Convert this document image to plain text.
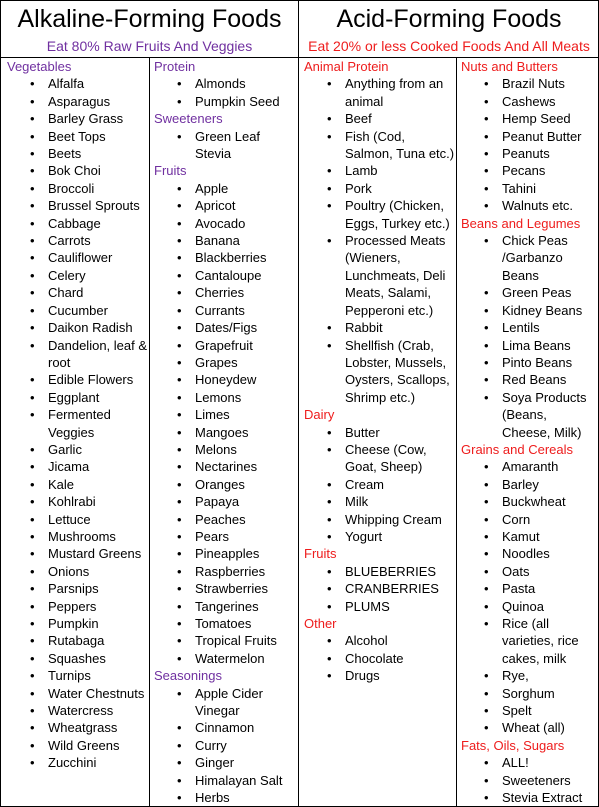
Alkaline-Forming Foods
Eat 80% Raw Fruits And Veggies
Acid-Forming Foods
Eat 20% or less Cooked Foods And All Meats
Vegetables
• Alfalfa
• Asparagus
• Barley Grass
• Beet Tops
• Beets
• Bok Choi
• Broccoli
• Brussel Sprouts
• Cabbage
• Carrots
• Cauliflower
• Celery
• Chard
• Cucumber
• Daikon Radish
• Dandelion, leaf & root
• Edible Flowers
• Eggplant
• Fermented Veggies
• Garlic
• Jicama
• Kale
• Kohlrabi
• Lettuce
• Mushrooms
• Mustard Greens
• Onions
• Parsnips
• Peppers
• Pumpkin
• Rutabaga
• Squashes
• Turnips
• Water Chestnuts
• Watercress
• Wheatgrass
• Wild Greens
• Zucchini
Protein
• Almonds
• Pumpkin Seed
Sweeteners
• Green Leaf Stevia
Fruits
• Apple
• Apricot
• Avocado
• Banana
• Blackberries
• Cantaloupe
• Cherries
• Currants
• Dates/Figs
• Grapefruit
• Grapes
• Honeydew
• Lemons
• Limes
• Mangoes
• Melons
• Nectarines
• Oranges
• Papaya
• Peaches
• Pears
• Pineapples
• Raspberries
• Strawberries
• Tangerines
• Tomatoes
• Tropical Fruits
• Watermelon
Seasonings
• Apple Cider Vinegar
• Cinnamon
• Curry
• Ginger
• Himalayan Salt
• Herbs
Animal Protein
• Anything from an animal
• Beef
• Fish (Cod, Salmon, Tuna etc.)
• Lamb
• Pork
• Poultry (Chicken, Eggs, Turkey etc.)
• Processed Meats (Wieners, Lunchmeats, Deli Meats, Salami, Pepperoni etc.)
• Rabbit
• Shellfish (Crab, Lobster, Mussels, Oysters, Scallops, Shrimp etc.)
Dairy
• Butter
• Cheese (Cow, Goat, Sheep)
• Cream
• Milk
• Whipping Cream
• Yogurt
Fruits
• BLUEBERRIES
• CRANBERRIES
• PLUMS
Other
• Alcohol
• Chocolate
• Drugs
Nuts and Butters
• Brazil Nuts
• Cashews
• Hemp Seed
• Peanut Butter
• Peanuts
• Pecans
• Tahini
• Walnuts etc.
Beans and Legumes
• Chick Peas /Garbanzo Beans
• Green Peas
• Kidney Beans
• Lentils
• Lima Beans
• Pinto Beans
• Red Beans
• Soya Products (Beans, Cheese, Milk)
Grains and Cereals
• Amaranth
• Barley
• Buckwheat
• Corn
• Kamut
• Noodles
• Oats
• Pasta
• Quinoa
• Rice (all varieties, rice cakes, milk
• Rye,
• Sorghum
• Spelt
• Wheat (all)
Fats, Oils, Sugars
• ALL!
• Sweeteners
• Stevia Extract
